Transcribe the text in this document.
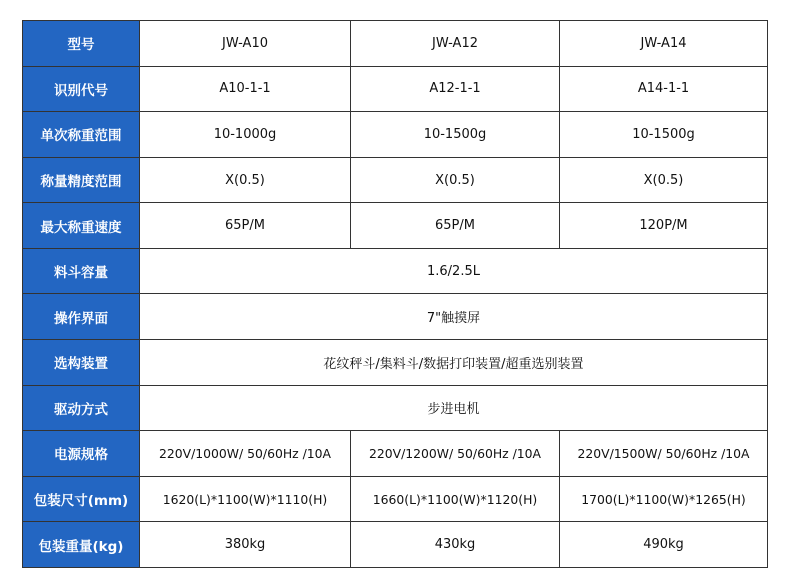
型号	JW-A10	JW-A12	JW-A14
识别代号	A10-1-1	A12-1-1	A14-1-1
单次称重范围	10-1000g	10-1500g	10-1500g
称量精度范围	X(0.5)	X(0.5)	X(0.5)
最大称重速度	65P/M	65P/M	120P/M
料斗容量	1.6/2.5L		
操作界面	7"触摸屏		
选构装置	花纹秤斗/集料斗/数据打印装置/超重选别装置		
驱动方式	步进电机		
电源规格	220V/1000W/ 50/60Hz /10A	220V/1200W/ 50/60Hz /10A	220V/1500W/ 50/60Hz /10A
包装尺寸(mm)	1620(L)*1100(W)*1110(H)	1660(L)*1100(W)*1120(H)	1700(L)*1100(W)*1265(H)
包装重量(kg)	380kg	430kg	490kg
